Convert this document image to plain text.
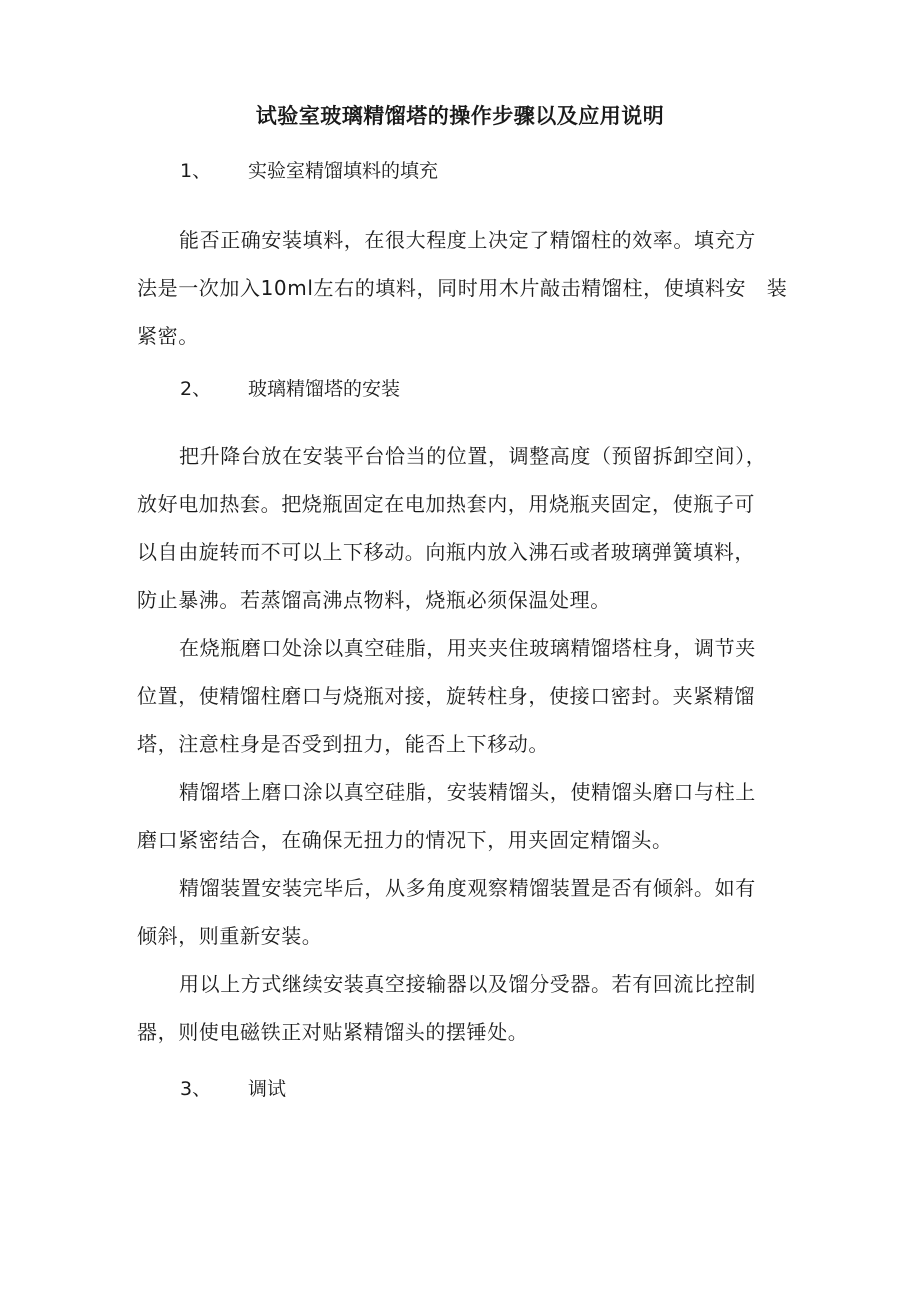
试验室玻璃精馏塔的操作步骤以及应用说明
1、 实验室精馏填料的填充

能否正确安装填料，在很大程度上决定了精馏柱的效率。填充方
法是一次加入10ml左右的填料，同时用木片敲击精馏柱，使填料安　装
紧密。

2、 玻璃精馏塔的安装

把升降台放在安装平台恰当的位置，调整高度（预留拆卸空间），
放好电加热套。把烧瓶固定在电加热套内，用烧瓶夹固定，使瓶子可
以自由旋转而不可以上下移动。向瓶内放入沸石或者玻璃弹簧填料，
防止暴沸。若蒸馏高沸点物料，烧瓶必须保温处理。

在烧瓶磨口处涂以真空硅脂，用夹夹住玻璃精馏塔柱身，调节夹
位置，使精馏柱磨口与烧瓶对接，旋转柱身，使接口密封。夹紧精馏
塔，注意柱身是否受到扭力，能否上下移动。

精馏塔上磨口涂以真空硅脂，安装精馏头，使精馏头磨口与柱上
磨口紧密结合，在确保无扭力的情况下，用夹固定精馏头。

精馏装置安装完毕后，从多角度观察精馏装置是否有倾斜。如有
倾斜，则重新安装。

用以上方式继续安装真空接输器以及馏分受器。若有回流比控制
器，则使电磁铁正对贴紧精馏头的摆锤处。

3、 调试
